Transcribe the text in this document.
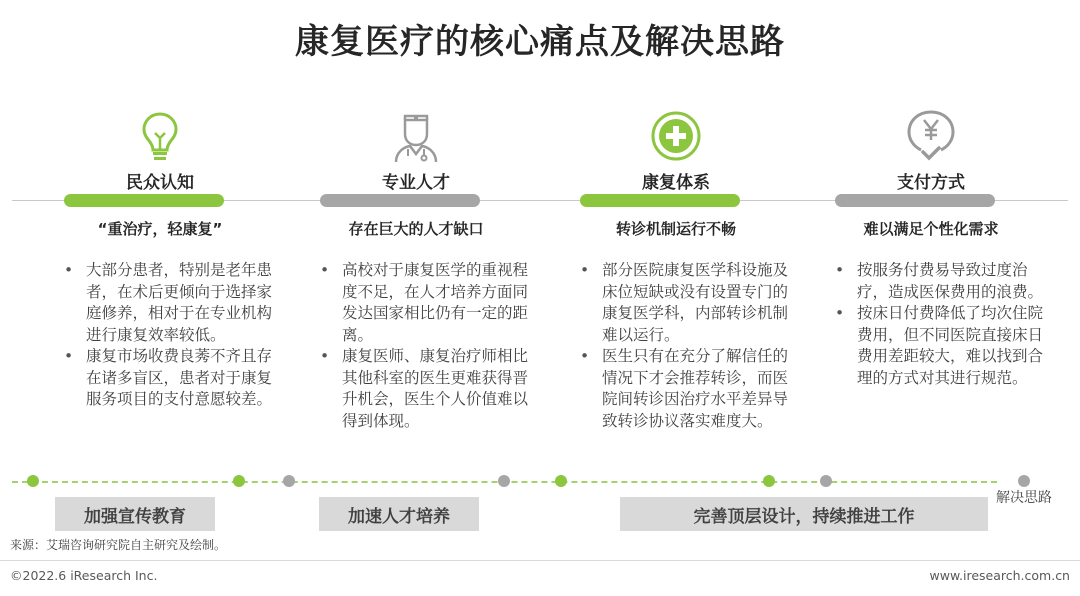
康复医疗的核心痛点及解决思路
民众认知
“重治疗，轻康复”
• 大部分患者，特别是老年患者，在术后更倾向于选择家庭修养，相对于在专业机构进行康复效率较低。
• 康复市场收费良莠不齐且存在诸多盲区，患者对于康复服务项目的支付意愿较差。
专业人才
存在巨大的人才缺口
• 高校对于康复医学的重视程度不足，在人才培养方面同发达国家相比仍有一定的距离。
• 康复医师、康复治疗师相比其他科室的医生更难获得晋升机会，医生个人价值难以得到体现。
康复体系
转诊机制运行不畅
• 部分医院康复医学科设施及床位短缺或没有设置专门的康复医学科，内部转诊机制难以运行。
• 医生只有在充分了解信任的情况下才会推荐转诊，而医院间转诊因治疗水平差异导致转诊协议落实难度大。
支付方式
难以满足个性化需求
• 按服务付费易导致过度治疗，造成医保费用的浪费。
• 按床日付费降低了均次住院费用，但不同医院直接床日费用差距较大，难以找到合理的方式对其进行规范。
解决思路
加强宣传教育	加速人才培养	完善顶层设计，持续推进工作
来源：艾瑞咨询研究院自主研究及绘制。
©2022.6 iResearch Inc.	www.iresearch.com.cn
